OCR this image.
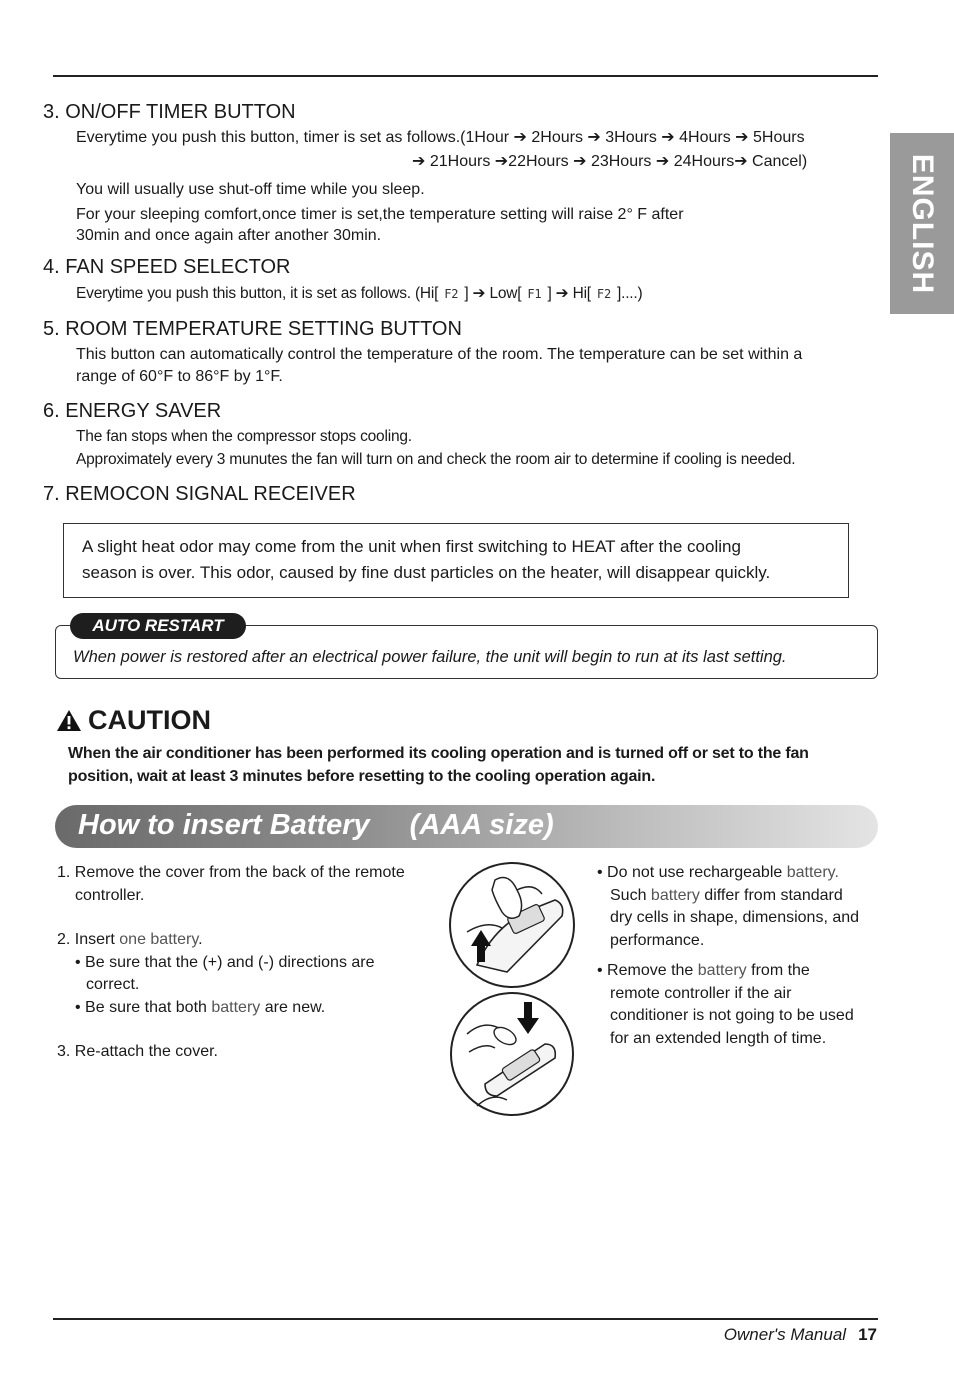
ENGLISH
3. ON/OFF TIMER BUTTON
Everytime you push this button, timer is set as follows.(1Hour ➔ 2Hours ➔ 3Hours ➔ 4Hours ➔ 5Hours
➔ 21Hours ➔22Hours ➔ 23Hours ➔ 24Hours➔ Cancel)
You will usually use shut-off time while you sleep.
For your sleeping comfort,once timer is set,the temperature setting will raise 2° F after
30min and once again after another 30min.
4. FAN SPEED SELECTOR
Everytime you push this button, it is set as follows. (Hi[ F2 ] ➔ Low[ F1 ] ➔ Hi[ F2 ]....)
5. ROOM TEMPERATURE SETTING BUTTON
This button can automatically control the temperature of the room. The temperature can be set within a
range of 60°F to 86°F by 1°F.
6. ENERGY SAVER
The fan stops when the compressor stops cooling.
Approximately every 3 munutes the fan will turn on and check the room air to determine if cooling is needed.
7. REMOCON SIGNAL RECEIVER
A slight heat odor may come from the unit when first switching to HEAT after the cooling
season is over. This odor, caused by fine dust particles on the heater, will disappear quickly.
AUTO RESTART
When power is restored after an electrical power failure, the unit will begin to run at its last setting.
CAUTION
When the air conditioner has been performed its cooling operation and is turned off or set to the fan
position, wait at least 3 minutes before resetting to the cooling operation again.
How to insert Battery (AAA size)
1. Remove the cover from the back of the remote
controller.
2. Insert one battery.
• Be sure that the (+) and (-) directions are
correct.
• Be sure that both battery are new.
3. Re-attach the cover.
• Do not use rechargeable battery.
Such battery differ from standard
dry cells in shape, dimensions, and
performance.
• Remove the battery from the
remote controller if the air
conditioner is not going to be used
for an extended length of time.
Owner's Manual 17
